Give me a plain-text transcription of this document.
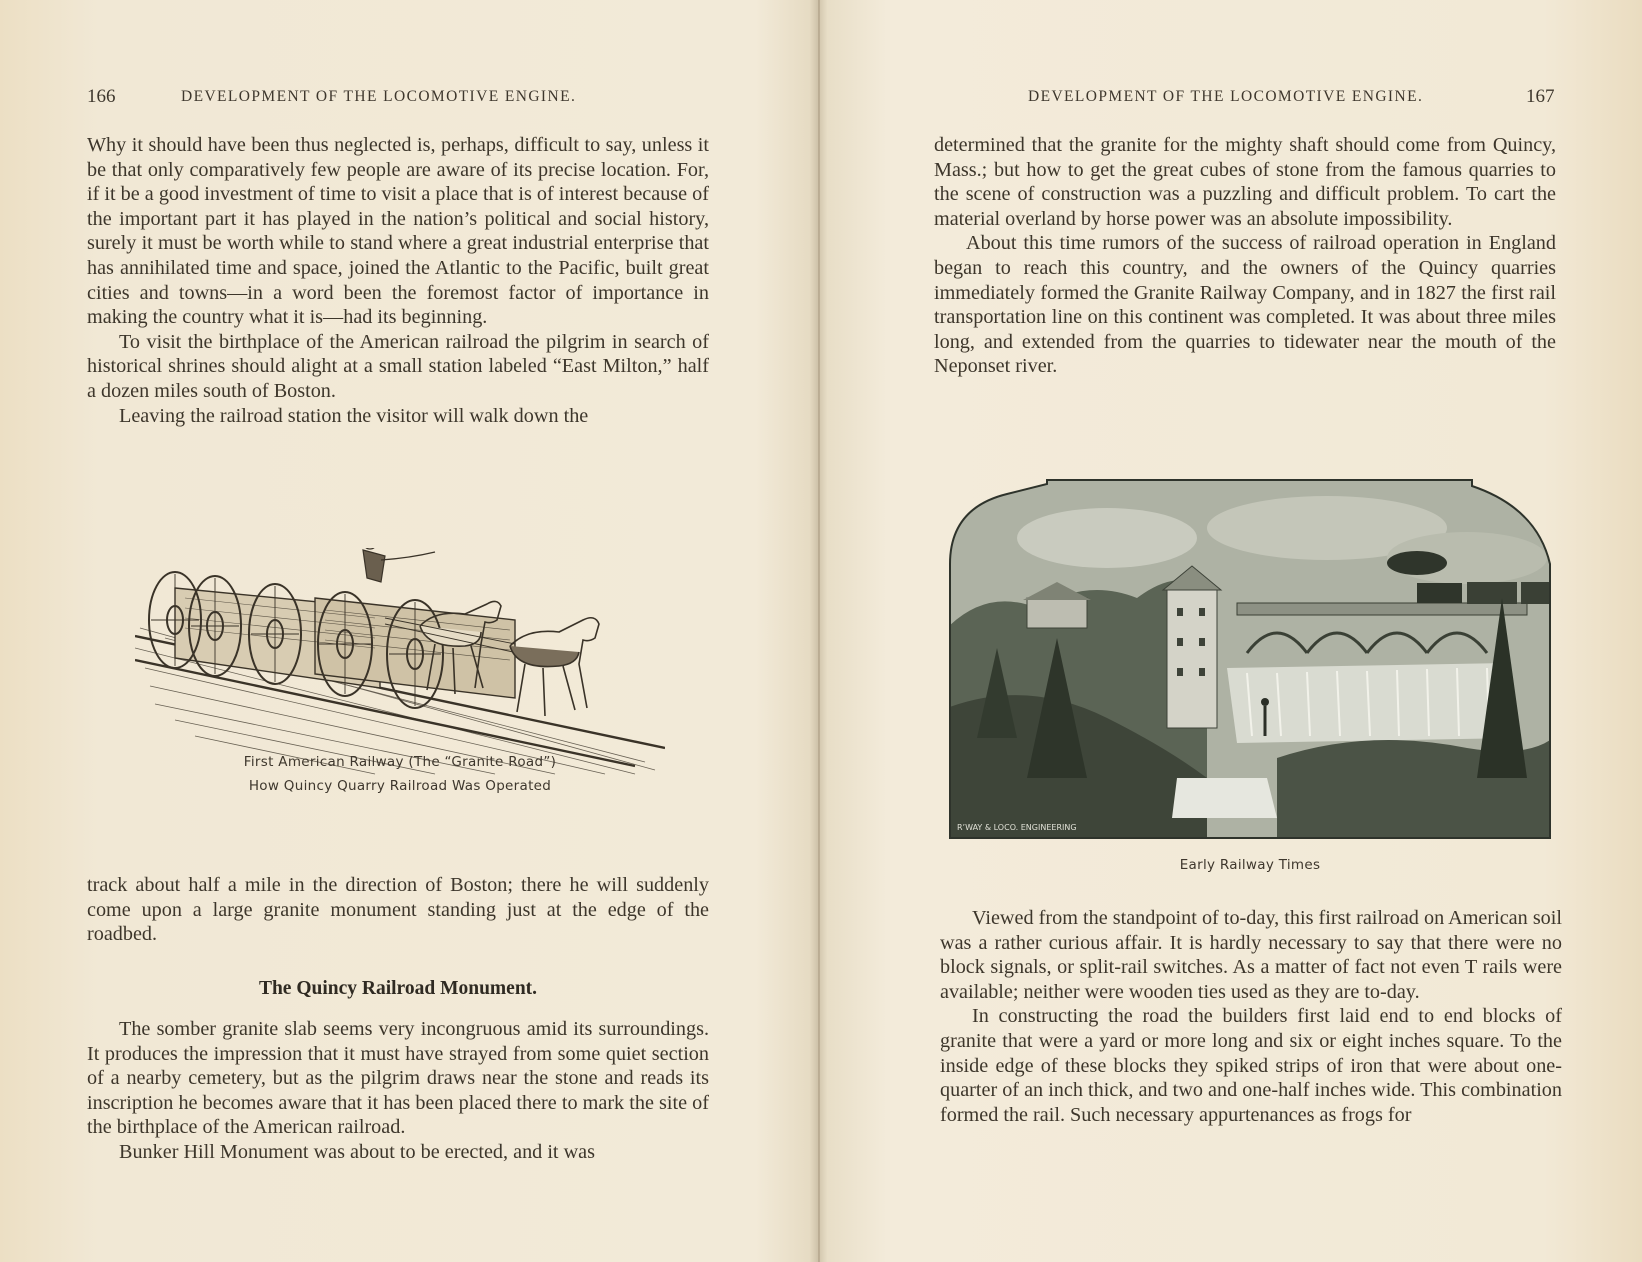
166	DEVELOPMENT OF THE LOCOMOTIVE ENGINE.

Why it should have been thus neglected is, perhaps, difficult to say, unless it be that only comparatively few people are aware of its precise location. For, if it be a good investment of time to visit a place that is of interest because of the important part it has played in the nation’s political and social history, surely it must be worth while to stand where a great industrial enterprise that has annihilated time and space, joined the Atlantic to the Pacific, built great cities and towns—in a word been the foremost factor of importance in making the country what it is—had its beginning.

To visit the birthplace of the American railroad the pilgrim in search of historical shrines should alight at a small station labeled “East Milton,” half a dozen miles south of Boston.

Leaving the railroad station the visitor will walk down the

First American Railway (The “Granite Road”)
How Quincy Quarry Railroad Was Operated

track about half a mile in the direction of Boston; there he will suddenly come upon a large granite monument standing just at the edge of the roadbed.

The Quincy Railroad Monument.

The somber granite slab seems very incongruous amid its surroundings. It produces the impression that it must have strayed from some quiet section of a nearby cemetery, but as the pilgrim draws near the stone and reads its inscription he becomes aware that it has been placed there to mark the site of the birthplace of the American railroad.

Bunker Hill Monument was about to be erected, and it was

DEVELOPMENT OF THE LOCOMOTIVE ENGINE.	167

determined that the granite for the mighty shaft should come from Quincy, Mass.; but how to get the great cubes of stone from the famous quarries to the scene of construction was a puzzling and difficult problem. To cart the material overland by horse power was an absolute impossibility.

About this time rumors of the success of railroad operation in England began to reach this country, and the owners of the Quincy quarries immediately formed the Granite Railway Company, and in 1827 the first rail transportation line on this continent was completed. It was about three miles long, and extended from the quarries to tidewater near the mouth of the Neponset river.

R’WAY & LOCO. ENGINEERING
Early Railway Times

Viewed from the standpoint of to-day, this first railroad on American soil was a rather curious affair. It is hardly necessary to say that there were no block signals, or split-rail switches. As a matter of fact not even T rails were available; neither were wooden ties used as they are to-day.

In constructing the road the builders first laid end to end blocks of granite that were a yard or more long and six or eight inches square. To the inside edge of these blocks they spiked strips of iron that were about one-quarter of an inch thick, and two and one-half inches wide. This combination formed the rail. Such necessary appurtenances as frogs for
